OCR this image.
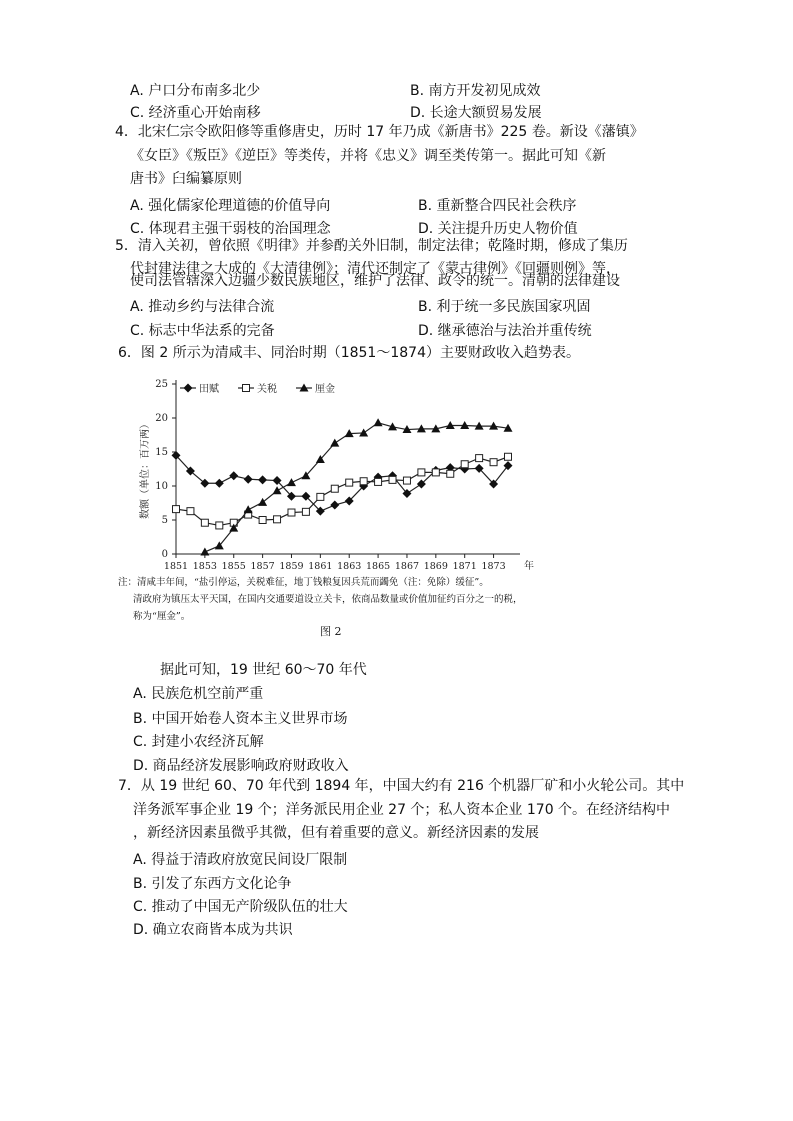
A. 户口分布南多北少	B. 南方开发初见成效
C. 经济重心开始南移	D. 长途大额贸易发展
4．北宋仁宗令欧阳修等重修唐史，历时 17 年乃成《新唐书》225 卷。新设《藩镇》
《女臣》《叛臣》《逆臣》等类传，并将《忠义》调至类传第一。据此可知《新
唐书》臼编纂原则
A. 强化儒家伦理道德的价值导向	B. 重新整合四民社会秩序
C. 体现君主强干弱枝的治国理念	D. 关注提升历史人物价值
5．清入关初，曾依照《明律》并参酌关外旧制，制定法律；乾隆时期，修成了集历
代封建法律之大成的《大清律例》；清代还制定了《蒙古律例》《回疆则例》等，
使司法管辖深入边疆少数民族地区，维护了法律、政令的统一。清朝的法律建设
A. 推动乡约与法律合流	B. 利于统一多民族国家巩固
C. 标志中华法系的完备	D. 继承德治与法治并重传统
6．图 2 所示为清咸丰、同治时期（1851～1874）主要财政收入趋势表。
0
5
10
15
20
25
1851 1853 1855 1857 1859 1861 1863 1865 1867 1869 1871 1873 年
数额（单位：百万两）
田赋	关税	厘金
注：清咸丰年间，“盐引停运，关税难征，地丁钱粮复因兵荒而蠲免（注：免除）缓征”。
清政府为镇压太平天国，在国内交通要道设立关卡，依商品数量或价值加征约百分之一的税，
称为“厘金”。
图 2
据此可知，19 世纪 60～70 年代
A. 民族危机空前严重
B. 中国开始卷人资本主义世界市场
C. 封建小农经济瓦解
D. 商品经济发展影响政府财政收入
7．从 19 世纪 60、70 年代到 1894 年，中国大约有 216 个机器厂矿和小火轮公司。其中
洋务派军事企业 19 个；洋务派民用企业 27 个；私人资本企业 170 个。在经济结构中
，新经济因素虽微乎其微，但有着重要的意义。新经济因素的发展
A. 得益于清政府放宽民间设厂限制
B. 引发了东西方文化论争
C. 推动了中国无产阶级队伍的壮大
D. 确立农商皆本成为共识
